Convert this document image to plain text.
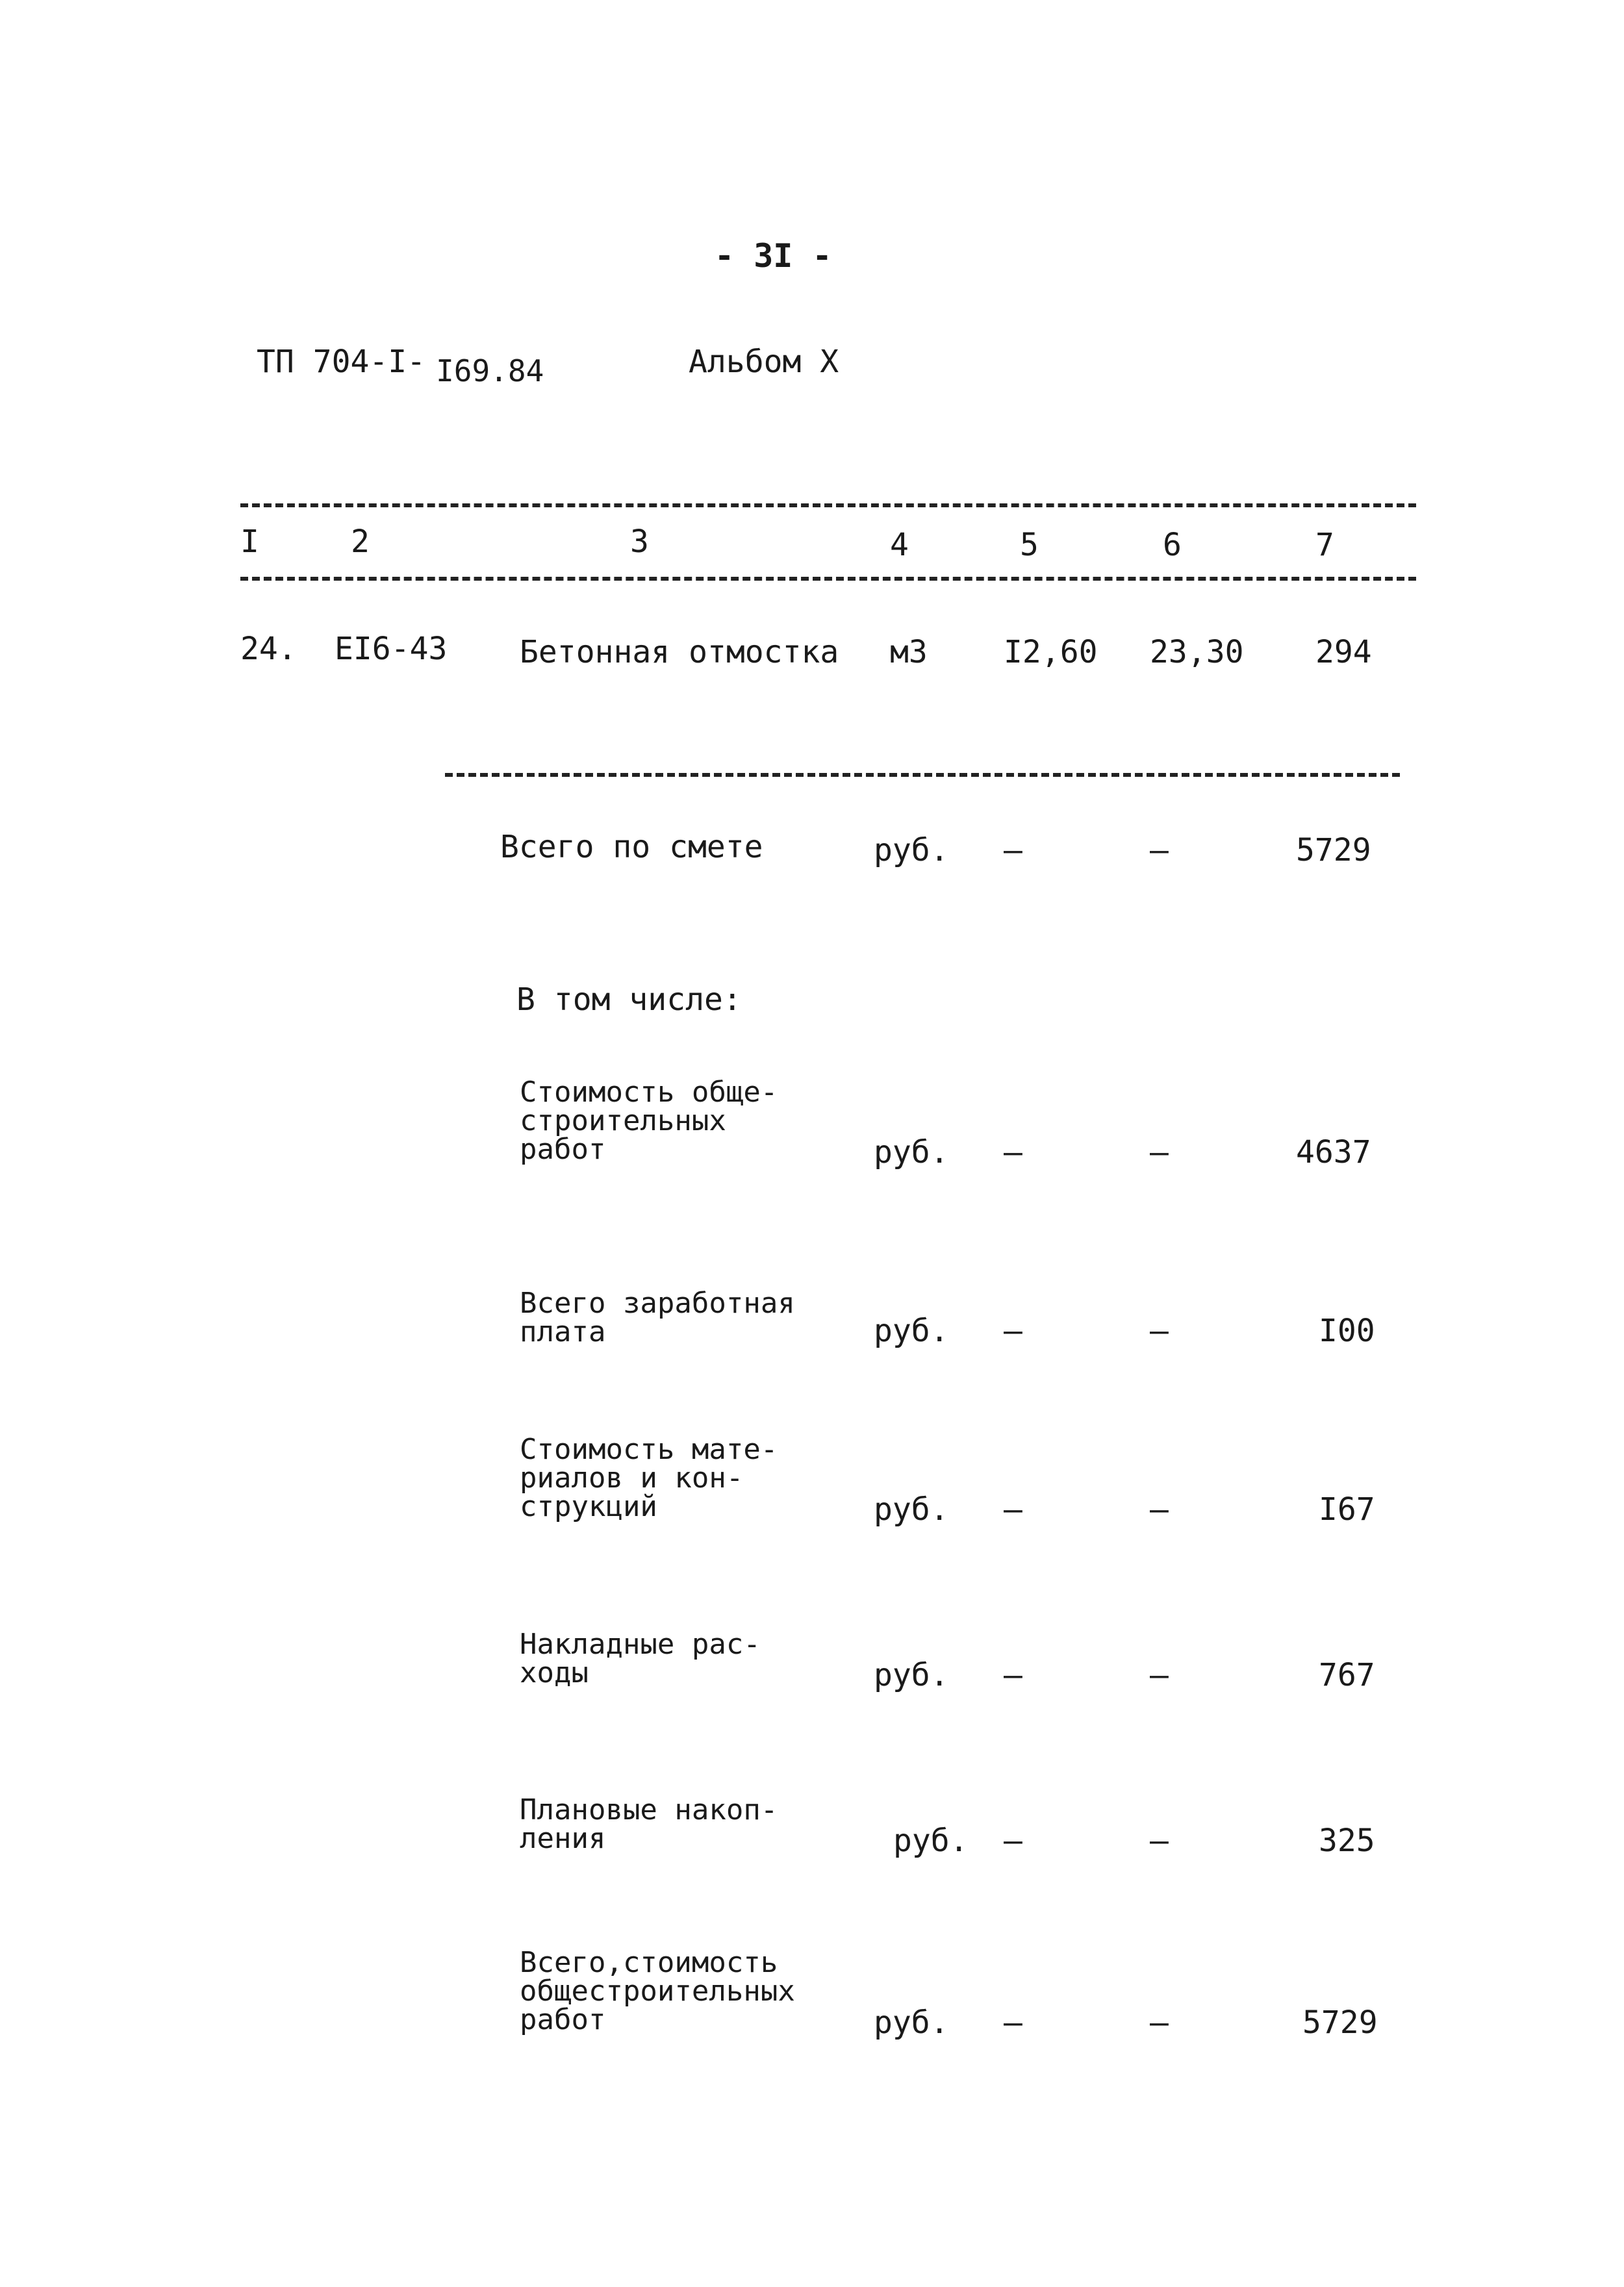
- 3I -
ТП 704-I- I69.84	Альбом X
I	2	3	4	5	6	7
24. ЕI6-43 Бетонная отмостка м3 I2,60 23,30 294
Всего по смете	руб. –	–	5729
В том числе:
Стоимость обще-
строительных
работ	руб. –	–	4637
Всего заработная
плата	руб. –	–	I00
Стоимость мате-
риалов и кон-
струкций	руб. –	–	I67
Накладные рас-
ходы	руб. –	–	767
Плановые накоп-
ления	руб. –	–	325
Всего,стоимость
общестроительных
работ	руб. –	–	5729
